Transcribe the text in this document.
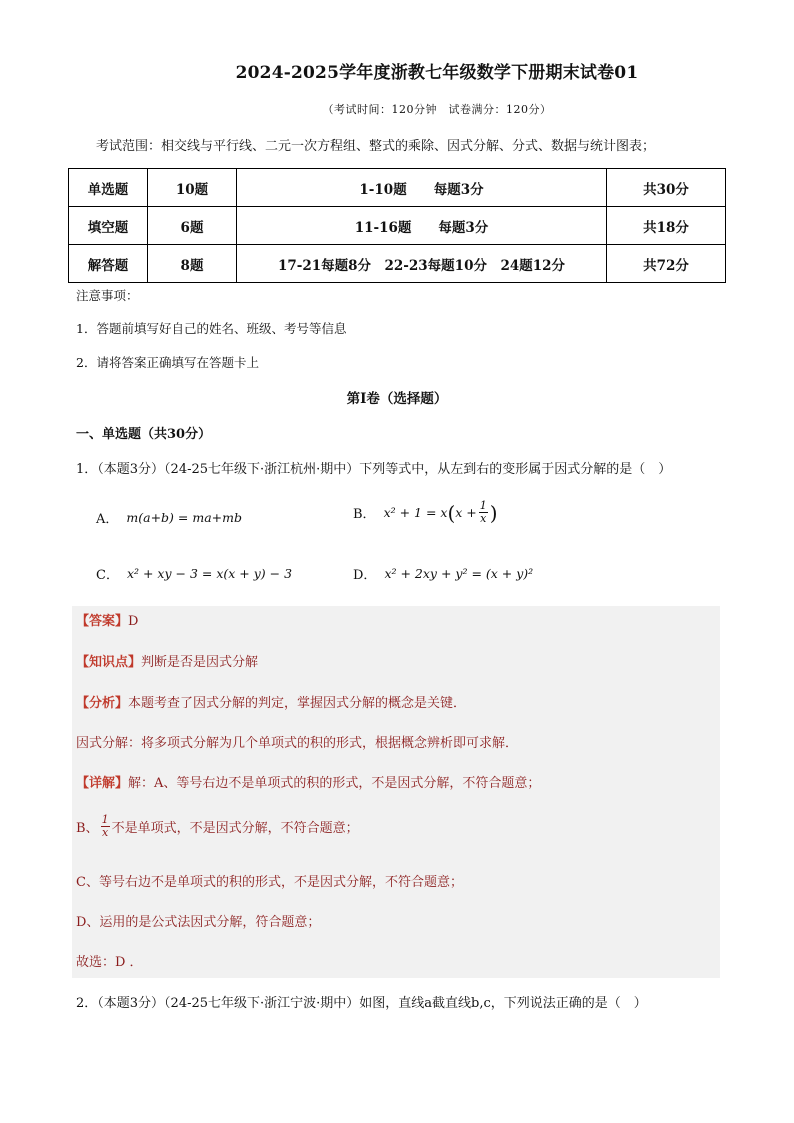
2024-2025学年度浙教七年级数学下册期末试卷01
（考试时间：120分钟　试卷满分：120分）
考试范围：相交线与平行线、二元一次方程组、整式的乘除、因式分解、分式、数据与统计图表；
单选题	10题	1-10题　　每题3分	共30分
填空题	6题	11-16题　　每题3分	共18分
解答题	8题	17-21每题8分　22-23每题10分　24题12分	共72分
注意事项：
1．答题前填写好自己的姓名、班级、考号等信息
2．请将答案正确填写在答题卡上
第I卷（选择题）
一、单选题（共30分）
1．（本题3分）（24-25七年级下·浙江杭州·期中）下列等式中，从左到右的变形属于因式分解的是（　）
A． m(a+b) = ma+mb	B． x² + 1 = x ( $x + \frac{1}{x}$ )
C． x² + xy − 3 = x(x + y) − 3	D． x² + 2xy + y² = (x + y)²
【答案】D
【知识点】判断是否是因式分解
【分析】本题考查了因式分解的判定，掌握因式分解的概念是关键．
因式分解：将多项式分解为几个单项式的积的形式，根据概念辨析即可求解．
【详解】解：A、等号右边不是单项式的积的形式，不是因式分解，不符合题意；
B、 $\frac{1}{x}$ 不是单项式，不是因式分解，不符合题意；
C、等号右边不是单项式的积的形式，不是因式分解，不符合题意；
D、运用的是公式法因式分解，符合题意；
故选：D ．
2．（本题3分）（24-25七年级下·浙江宁波·期中）如图，直线a截直线b,c，下列说法正确的是（　）
